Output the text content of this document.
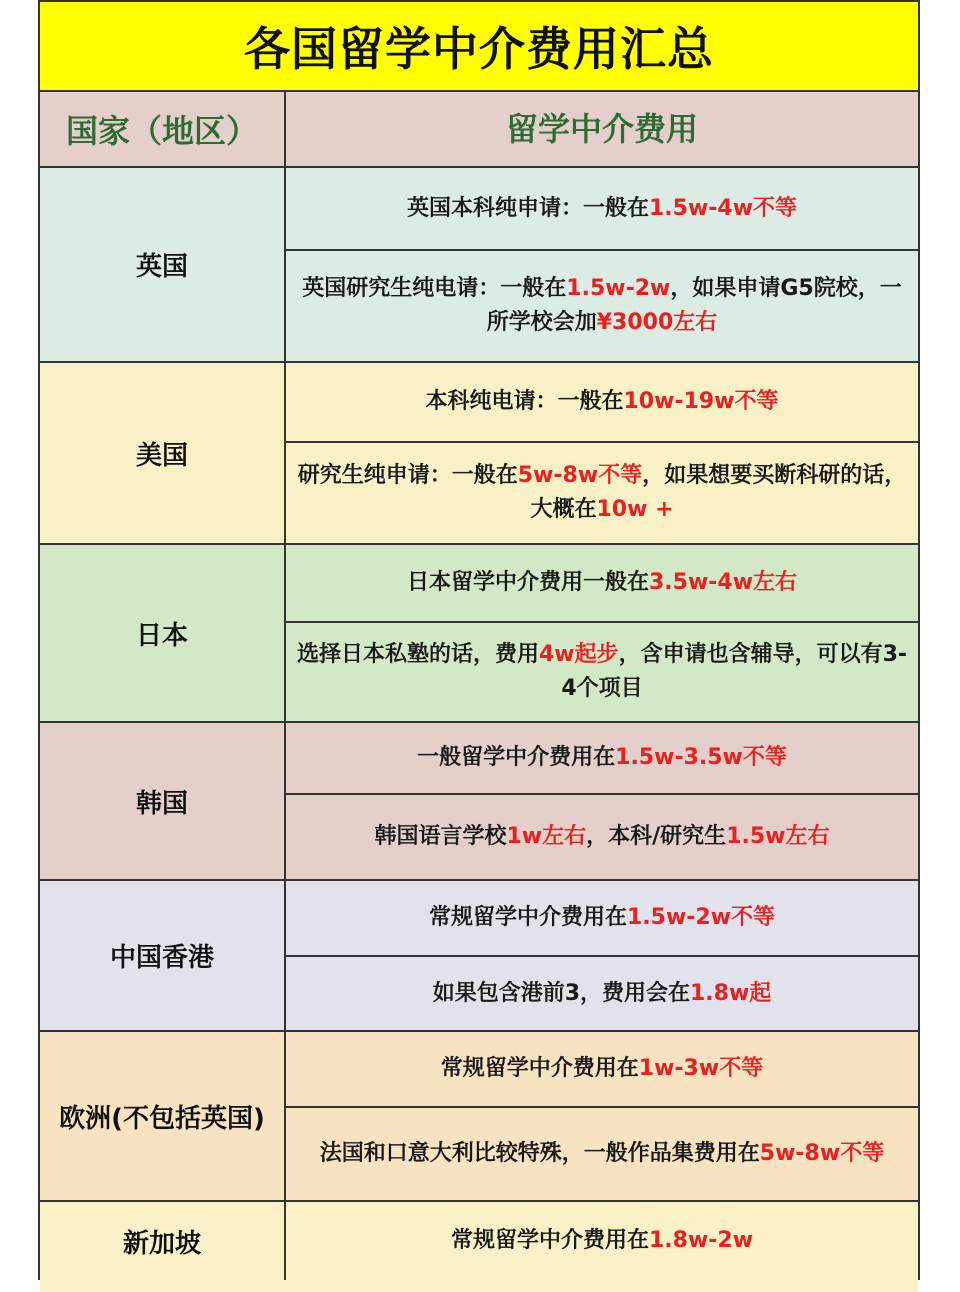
各国留学中介费用汇总
国家（地区）	留学中介费用
英国
英国本科纯申请：一般在1.5w-4w不等
英国研究生纯电请：一般在1.5w-2w，如果申请G5院校，一所学校会加¥3000左右
美国
本科纯电请：一般在10w-19w不等
研究生纯申请：一般在5w-8w不等，如果想要买断科研的话，大概在10w +
日本
日本留学中介费用一般在3.5w-4w左右
选择日本私塾的话，费用4w起步，含申请也含辅导，可以有3-4个项目
韩国
一般留学中介费用在1.5w-3.5w不等
韩国语言学校1w左右，本科/研究生1.5w左右
中国香港
常规留学中介费用在1.5w-2w不等
如果包含港前3，费用会在1.8w起
欧洲(不包括英国)
常规留学中介费用在1w-3w不等
法国和口意大利比较特殊，一般作品集费用在5w-8w不等
新加坡	常规留学中介费用在1.8w-2w
